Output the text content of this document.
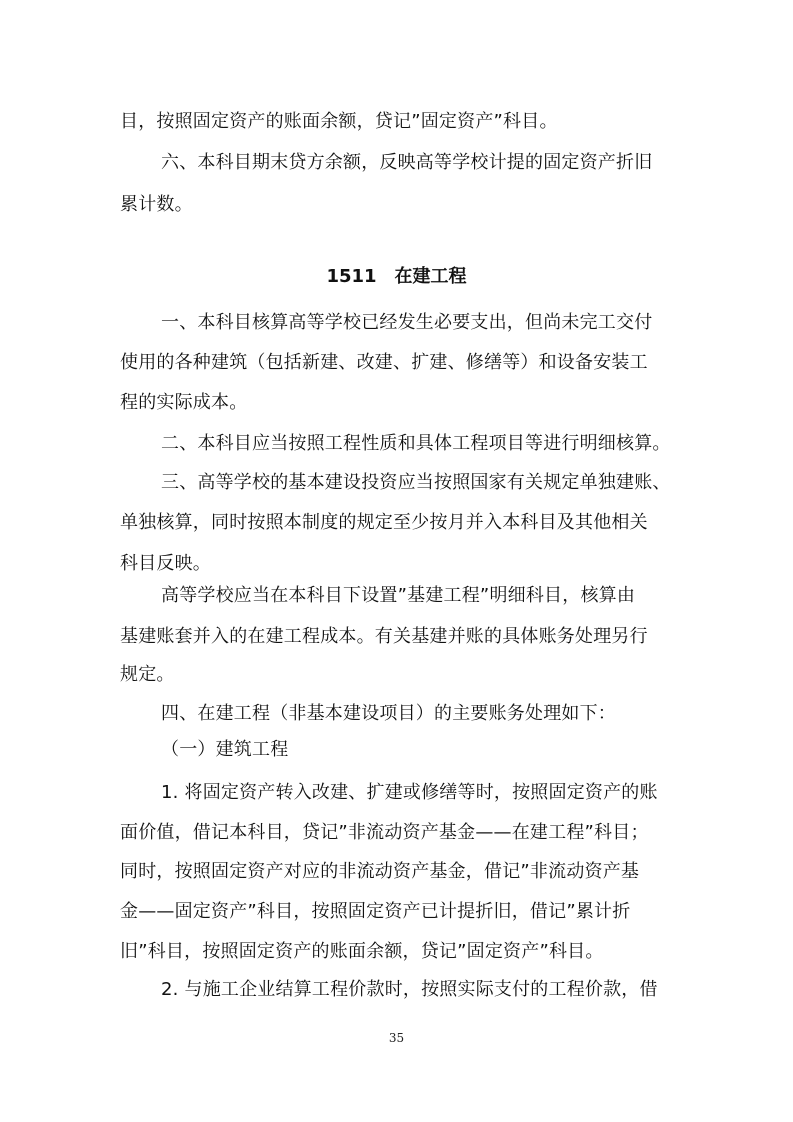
目，按照固定资产的账面余额，贷记”固定资产”科目。
六、本科目期末贷方余额，反映高等学校计提的固定资产折旧
累计数。
1511　在建工程
一、本科目核算高等学校已经发生必要支出，但尚未完工交付
使用的各种建筑（包括新建、改建、扩建、修缮等）和设备安装工
程的实际成本。
二、本科目应当按照工程性质和具体工程项目等进行明细核算。
三、高等学校的基本建设投资应当按照国家有关规定单独建账、
单独核算，同时按照本制度的规定至少按月并入本科目及其他相关
科目反映。
高等学校应当在本科目下设置”基建工程”明细科目，核算由
基建账套并入的在建工程成本。有关基建并账的具体账务处理另行
规定。
四、在建工程（非基本建设项目）的主要账务处理如下：
（一）建筑工程
1. 将固定资产转入改建、扩建或修缮等时，按照固定资产的账
面价值，借记本科目，贷记”非流动资产基金——在建工程”科目；
同时，按照固定资产对应的非流动资产基金，借记”非流动资产基
金——固定资产”科目，按照固定资产已计提折旧，借记”累计折
旧”科目，按照固定资产的账面余额，贷记”固定资产”科目。
2. 与施工企业结算工程价款时，按照实际支付的工程价款，借
35
